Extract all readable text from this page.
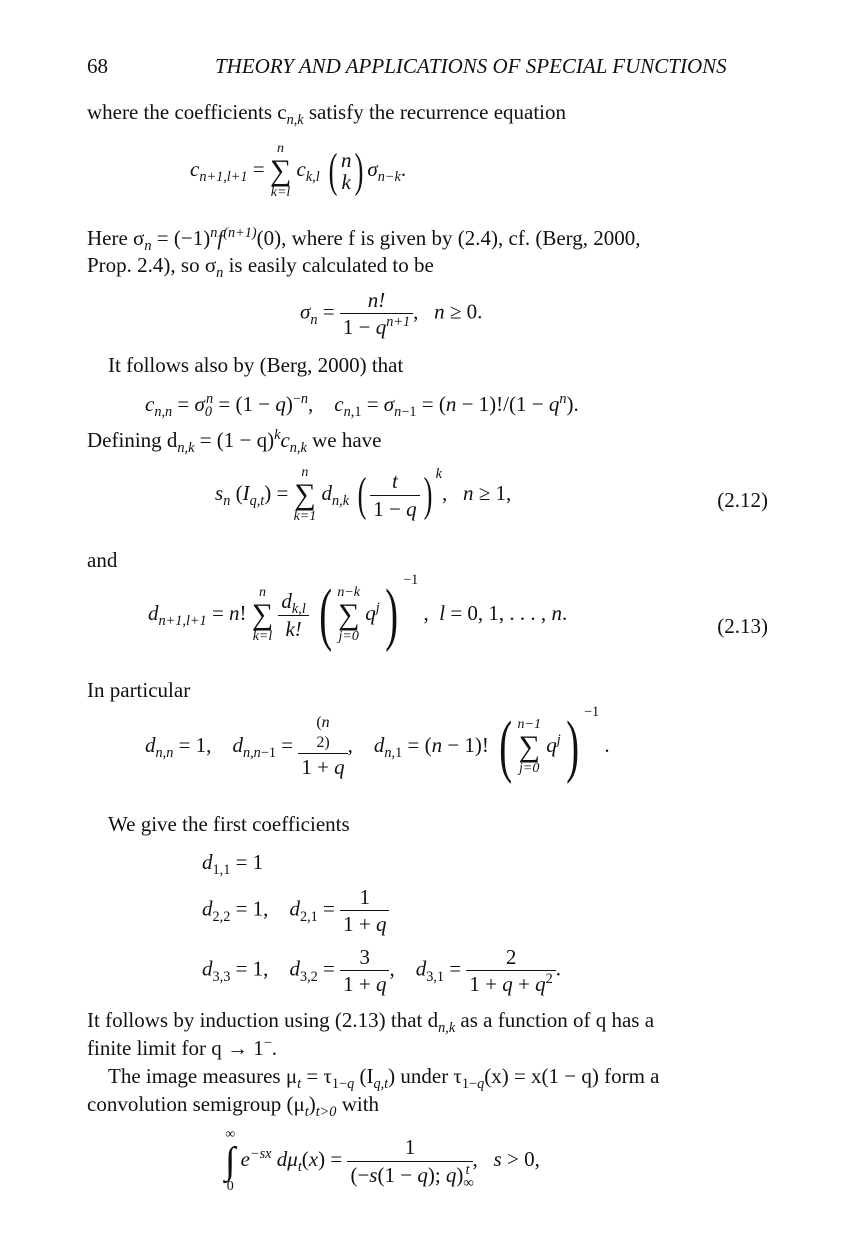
68	THEORY AND APPLICATIONS OF SPECIAL FUNCTIONS
where the coefficients $c_{n,k}$ satisfy the recurrence equation
$c_{n+1,l+1}$ =
n
∑
k=l
$c_{k,l}$ ( n
k ) $\sigma_{n-k}$.
Here $\sigma_n = (-1)^nf^{(n+1)}(0)$, where f is given by (2.4), cf. (Berg, 2000,
Prop. 2.4), so $\sigma_n$ is easily calculated to be
$\sigma_n = \frac{n!}{1 - q^{n+1}}$ ,   n ≥ 0.
It follows also by (Berg, 2000) that
$c_{n,n} = \sigma_0^n = (1 - q)^{-n}$,    $c_{n,1} = \sigma_{n-1} = (n - 1)!/(1 - q^n)$.
Defining $d_{n,k} = (1 - q)^kc_{n,k}$ we have
$s_n$ $(I_{q,t})$ =
n
∑
k=1
$d_{n,k}$ ( $\frac{t}{1 - q}$ ) $^k$,   n ≥ 1,	(2.12)
and
$d_{n+1,l+1} = n$!
n
∑
k=l
$\frac{d_{k,l}}{k!}$ ( n−k
∑
j=0
$q^j$) $^{-1}$ ,  l = 0, 1, . . . , n.
(2.13)
In particular
$d_{n,n} = 1$,    $d_{n,n-1}$ =
(n
2)
1 + q
,    $d_{n,1} = (n - 1)$! ( n−1
∑
j=0
$q^j$) $^{-1}$ .
We give the first coefficients
$d_{1,1} = 1$
$d_{2,2} = 1$,    $d_{2,1} = \frac{1}{1 + q}$
$d_{3,3} = 1$,    $d_{3,2} = \frac{3}{1 + q}$ ,    $d_{3,1} = \frac{2}{1 + q + q^2}$ .
It follows by induction using (2.13) that $d_{n,k}$ as a function of q has a
finite limit for q → 1−.
The image measures $\mu_t = \tau_{1-q}$ $(I_{q,t})$ under $\tau_{1-q}(x) = x(1 - q)$ form a
convolution semigroup $(\mu_t)_{t>0}$ with
∞
∫
0
$e^{-sx}$ $d\mu_t(x) = \frac{1}{(-s(1 - q); q)_\infty^t}$ ,   s > 0,
